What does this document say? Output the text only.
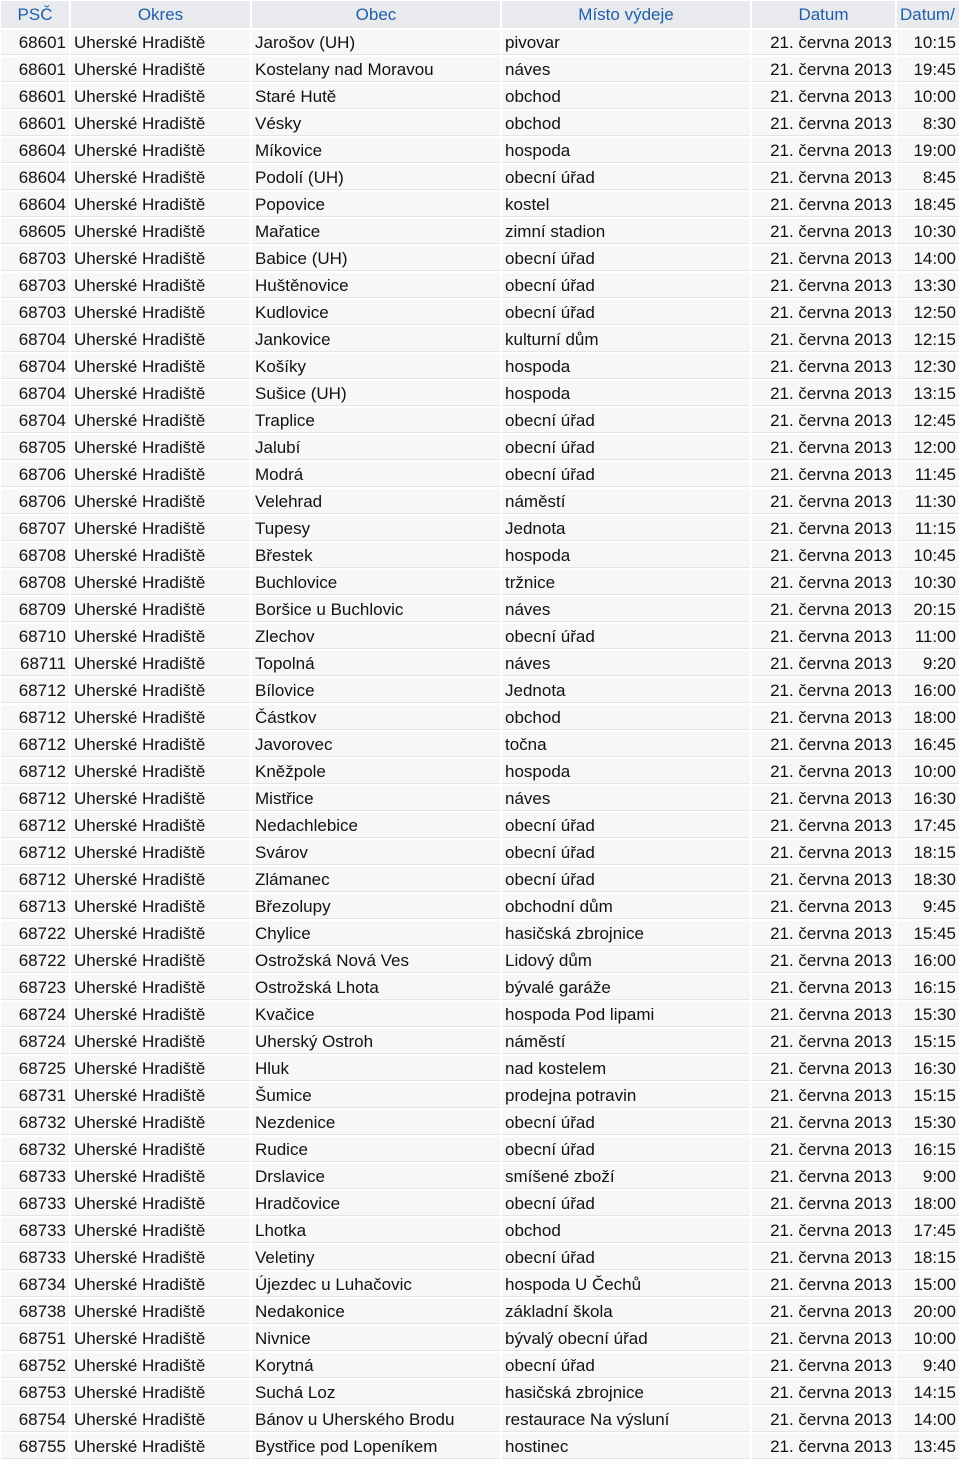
PSČ	Okres	Obec	Místo výdeje	Datum	Datum/
68601	Uherské Hradiště	Jarošov (UH)	pivovar	21. června 2013	10:15
68601	Uherské Hradiště	Kostelany nad Moravou	náves	21. června 2013	19:45
68601	Uherské Hradiště	Staré Hutě	obchod	21. června 2013	10:00
68601	Uherské Hradiště	Vésky	obchod	21. června 2013	8:30
68604	Uherské Hradiště	Míkovice	hospoda	21. června 2013	19:00
68604	Uherské Hradiště	Podolí (UH)	obecní úřad	21. června 2013	8:45
68604	Uherské Hradiště	Popovice	kostel	21. června 2013	18:45
68605	Uherské Hradiště	Mařatice	zimní stadion	21. června 2013	10:30
68703	Uherské Hradiště	Babice (UH)	obecní úřad	21. června 2013	14:00
68703	Uherské Hradiště	Huštěnovice	obecní úřad	21. června 2013	13:30
68703	Uherské Hradiště	Kudlovice	obecní úřad	21. června 2013	12:50
68704	Uherské Hradiště	Jankovice	kulturní dům	21. června 2013	12:15
68704	Uherské Hradiště	Košíky	hospoda	21. června 2013	12:30
68704	Uherské Hradiště	Sušice (UH)	hospoda	21. června 2013	13:15
68704	Uherské Hradiště	Traplice	obecní úřad	21. června 2013	12:45
68705	Uherské Hradiště	Jalubí	obecní úřad	21. června 2013	12:00
68706	Uherské Hradiště	Modrá	obecní úřad	21. června 2013	11:45
68706	Uherské Hradiště	Velehrad	náměstí	21. června 2013	11:30
68707	Uherské Hradiště	Tupesy	Jednota	21. června 2013	11:15
68708	Uherské Hradiště	Břestek	hospoda	21. června 2013	10:45
68708	Uherské Hradiště	Buchlovice	tržnice	21. června 2013	10:30
68709	Uherské Hradiště	Boršice u Buchlovic	náves	21. června 2013	20:15
68710	Uherské Hradiště	Zlechov	obecní úřad	21. června 2013	11:00
68711	Uherské Hradiště	Topolná	náves	21. června 2013	9:20
68712	Uherské Hradiště	Bílovice	Jednota	21. června 2013	16:00
68712	Uherské Hradiště	Částkov	obchod	21. června 2013	18:00
68712	Uherské Hradiště	Javorovec	točna	21. června 2013	16:45
68712	Uherské Hradiště	Kněžpole	hospoda	21. června 2013	10:00
68712	Uherské Hradiště	Mistřice	náves	21. června 2013	16:30
68712	Uherské Hradiště	Nedachlebice	obecní úřad	21. června 2013	17:45
68712	Uherské Hradiště	Svárov	obecní úřad	21. června 2013	18:15
68712	Uherské Hradiště	Zlámanec	obecní úřad	21. června 2013	18:30
68713	Uherské Hradiště	Březolupy	obchodní dům	21. června 2013	9:45
68722	Uherské Hradiště	Chylice	hasičská zbrojnice	21. června 2013	15:45
68722	Uherské Hradiště	Ostrožská Nová Ves	Lidový dům	21. června 2013	16:00
68723	Uherské Hradiště	Ostrožská Lhota	bývalé garáže	21. června 2013	16:15
68724	Uherské Hradiště	Kvačice	hospoda Pod lipami	21. června 2013	15:30
68724	Uherské Hradiště	Uherský Ostroh	náměstí	21. června 2013	15:15
68725	Uherské Hradiště	Hluk	nad kostelem	21. června 2013	16:30
68731	Uherské Hradiště	Šumice	prodejna potravin	21. června 2013	15:15
68732	Uherské Hradiště	Nezdenice	obecní úřad	21. června 2013	15:30
68732	Uherské Hradiště	Rudice	obecní úřad	21. června 2013	16:15
68733	Uherské Hradiště	Drslavice	smíšené zboží	21. června 2013	9:00
68733	Uherské Hradiště	Hradčovice	obecní úřad	21. června 2013	18:00
68733	Uherské Hradiště	Lhotka	obchod	21. června 2013	17:45
68733	Uherské Hradiště	Veletiny	obecní úřad	21. června 2013	18:15
68734	Uherské Hradiště	Újezdec u Luhačovic	hospoda U Čechů	21. června 2013	15:00
68738	Uherské Hradiště	Nedakonice	základní škola	21. června 2013	20:00
68751	Uherské Hradiště	Nivnice	bývalý obecní úřad	21. června 2013	10:00
68752	Uherské Hradiště	Korytná	obecní úřad	21. června 2013	9:40
68753	Uherské Hradiště	Suchá Loz	hasičská zbrojnice	21. června 2013	14:15
68754	Uherské Hradiště	Bánov u Uherského Brodu	restaurace Na výsluní	21. června 2013	14:00
68755	Uherské Hradiště	Bystřice pod Lopeníkem	hostinec	21. června 2013	13:45
